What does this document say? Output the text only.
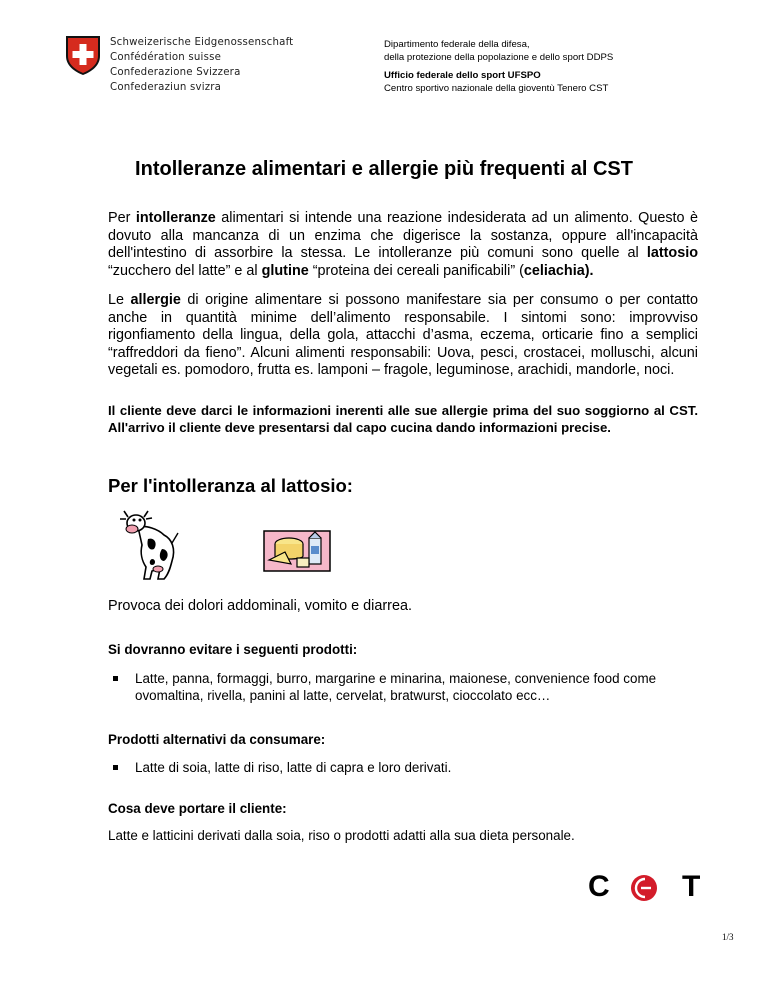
Schweizerische Eidgenossenschaft
Confédération suisse
Confederazione Svizzera
Confederaziun svizra
Dipartimento federale della difesa,
della protezione della popolazione e dello sport DDPS
Ufficio federale dello sport UFSPO
Centro sportivo nazionale della gioventù Tenero CST
Intolleranze alimentari e allergie più frequenti al CST
Per intolleranze alimentari si intende una reazione indesiderata ad un alimento. Questo è dovuto alla mancanza di un enzima che digerisce la sostanza, oppure all'incapacità dell'intestino di assorbire la stessa. Le intolleranze più comuni sono quelle al lattosio “zucchero del latte” e al glutine “proteina dei cereali panificabili” (celiachia).
Le allergie di origine alimentare si possono manifestare sia per consumo o per contatto anche in quantità minime dell’alimento responsabile. I sintomi sono: improvviso rigonfiamento della lingua, della gola, attacchi d’asma, eczema, orticarie fino a semplici “raffreddori da fieno”. Alcuni alimenti responsabili: Uova, pesci, crostacei, molluschi, alcuni vegetali es. pomodoro, frutta es. lamponi – fragole, leguminose, arachidi, mandorle, noci.
Il cliente deve darci le informazioni inerenti alle sue allergie prima del suo soggiorno al CST. All'arrivo il cliente deve presentarsi dal capo cucina dando informazioni precise.
Per l'intolleranza al lattosio:
Provoca dei dolori addominali, vomito e diarrea.
Si dovranno evitare i seguenti prodotti:
Latte, panna, formaggi, burro, margarine e minarina, maionese, convenience food come ovomaltina, rivella, panini al latte, cervelat, bratwurst, cioccolato ecc…
Prodotti alternativi da consumare:
Latte di soia, latte di riso, latte di capra e loro derivati.
Cosa deve portare il cliente:
Latte e latticini derivati dalla soia, riso o prodotti adatti alla sua dieta personale.
C T
1/3
